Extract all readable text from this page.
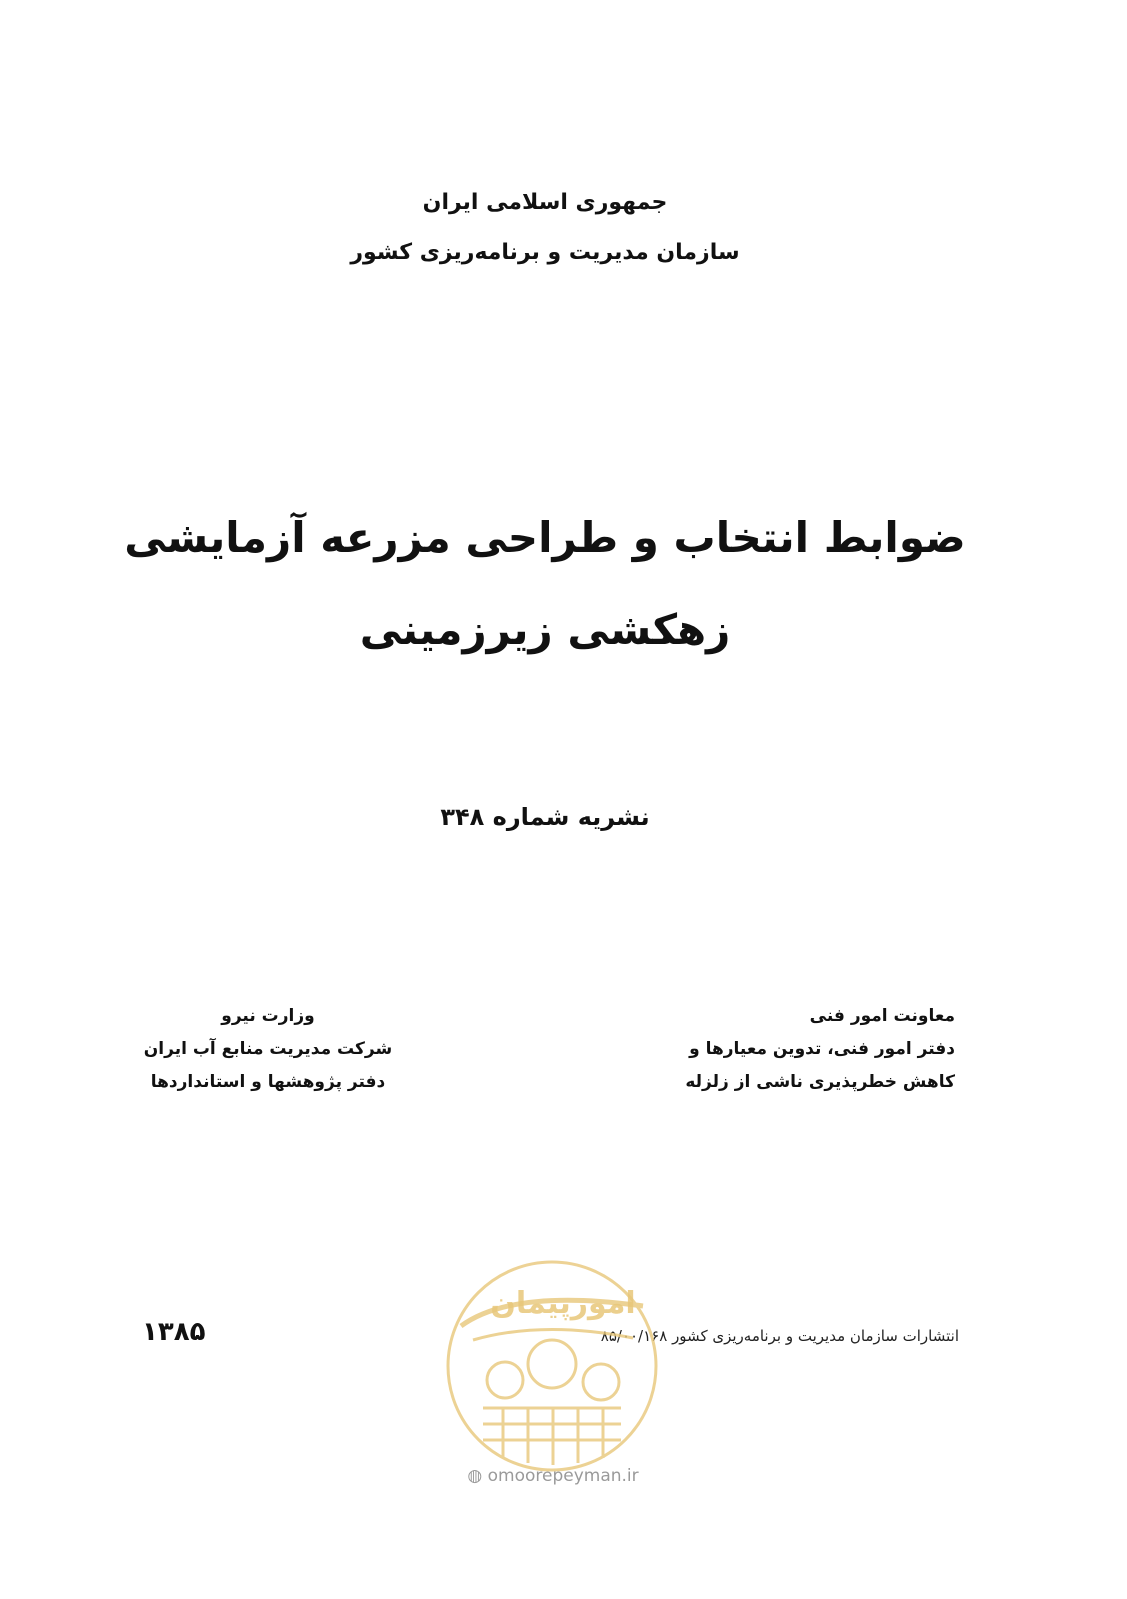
جمهوری اسلامی ایران
سازمان مدیریت و برنامه‌ریزی کشور
ضوابط انتخاب و طراحی مزرعه آزمایشی
زهکشی زیرزمینی
نشریه شماره ۳۴۸
معاونت امور فنی
دفتر امور فنی، تدوین معیارها و
کاهش خطرپذیری ناشی از زلزله
وزارت نیرو
شرکت مدیریت منابع آب ایران
دفتر پژوهشها و استانداردها
۱۳۸۵	انتشارات سازمان مدیریت و برنامه‌ریزی کشور ۸۵/۰۰/۱۶۸
امورپیمان
◍ omoorepeyman.ir
